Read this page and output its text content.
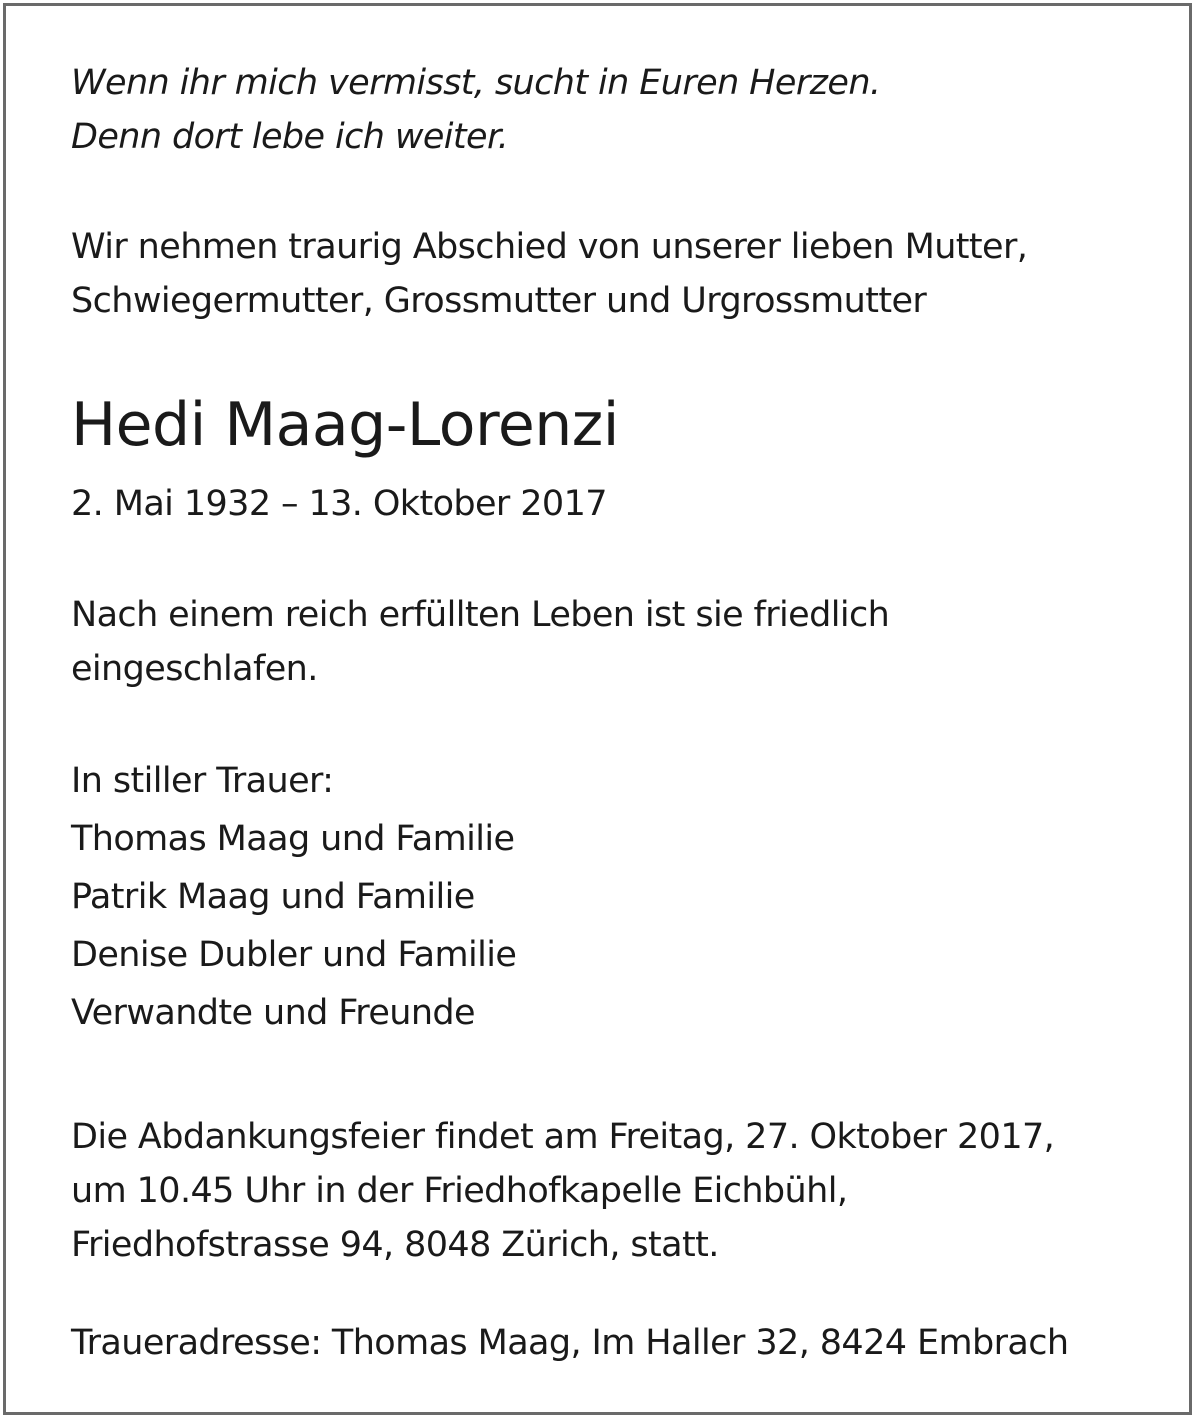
Wenn ihr mich vermisst, sucht in Euren Herzen.
Denn dort lebe ich weiter.
Wir nehmen traurig Abschied von unserer lieben Mutter,
Schwiegermutter, Grossmutter und Urgrossmutter
Hedi Maag-Lorenzi
2. Mai 1932 – 13. Oktober 2017
Nach einem reich erfüllten Leben ist sie friedlich
eingeschlafen.
In stiller Trauer:
Thomas Maag und Familie
Patrik Maag und Familie
Denise Dubler und Familie
Verwandte und Freunde
Die Abdankungsfeier findet am Freitag, 27. Oktober 2017,
um 10.45 Uhr in der Friedhofkapelle Eichbühl,
Friedhofstrasse 94, 8048 Zürich, statt.
Traueradresse: Thomas Maag, Im Haller 32, 8424 Embrach
